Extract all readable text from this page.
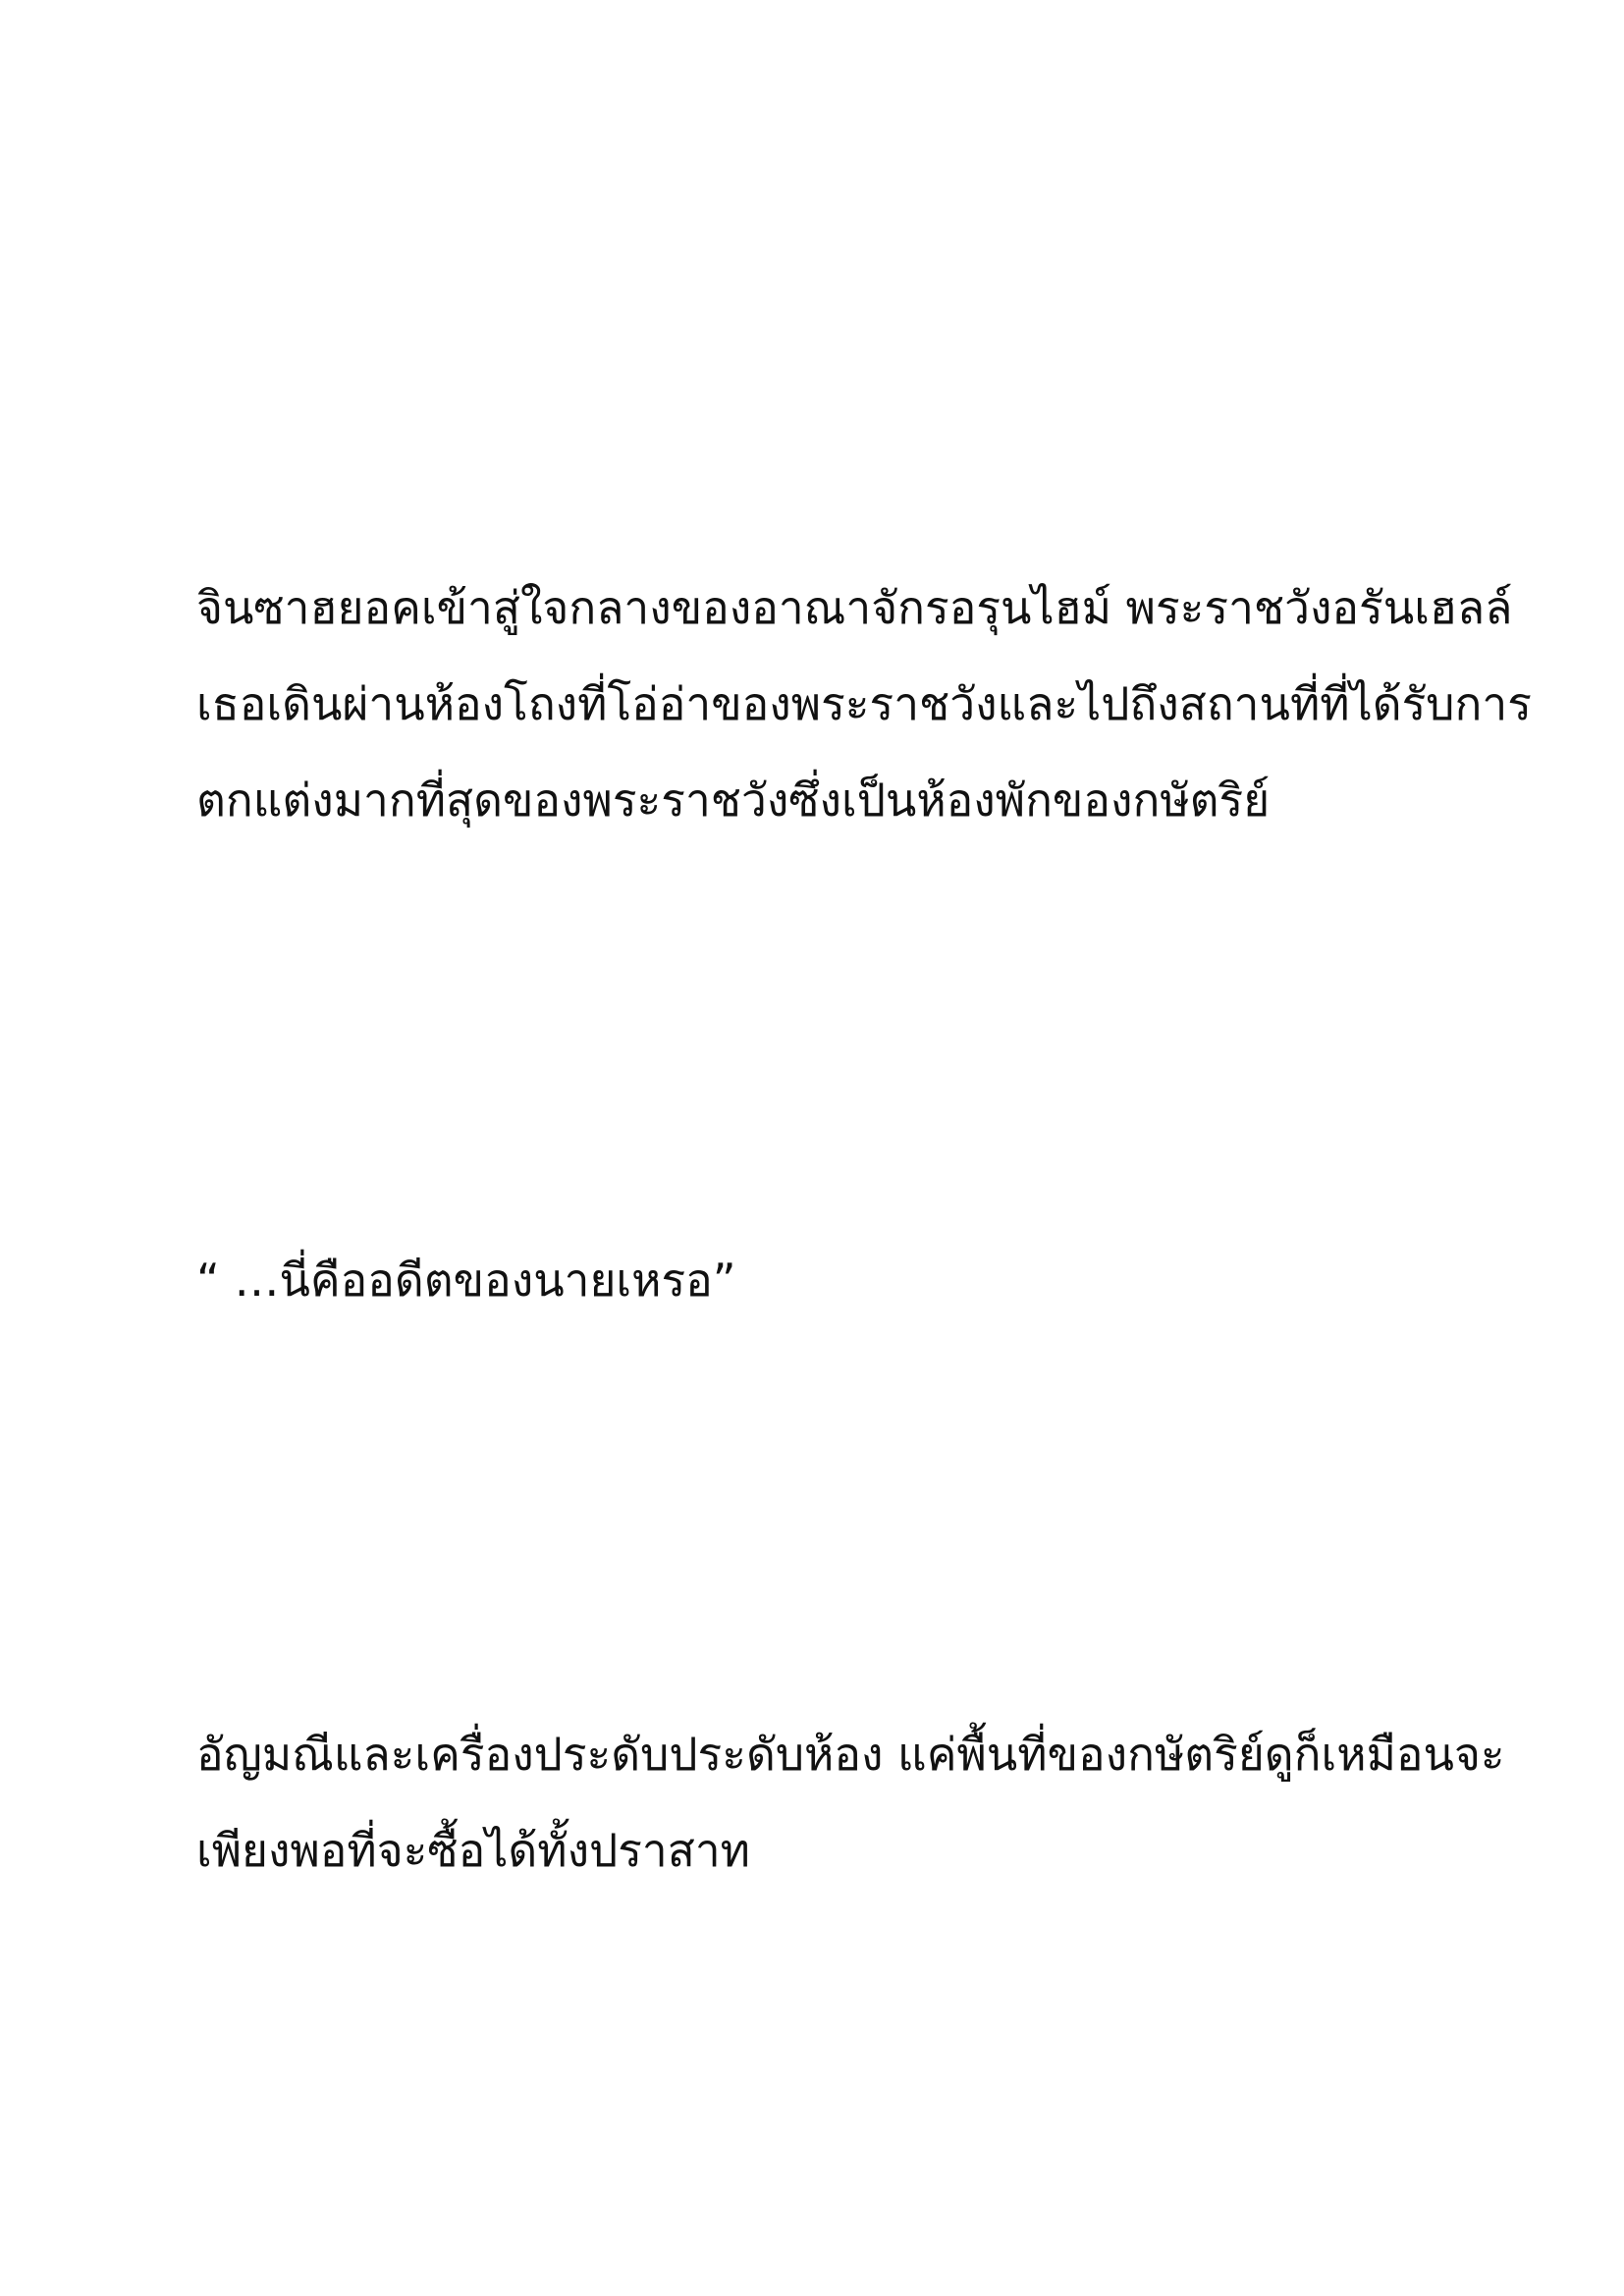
จินซาฮยอคเข้าสู่ใจกลางของอาณาจักรอรุนไฮม์ พระราชวังอรันเฮลล์
เธอเดินผ่านห้องโถงที่โอ่อ่าของพระราชวังและไปถึงสถานที่ที่ได้รับการ
ตกแต่งมากที่สุดของพระราชวังซึ่งเป็นห้องพักของกษัตริย์

“ …นี่คืออดีตของนายเหรอ”

อัญมณีและเครื่องประดับประดับห้อง แค่พื้นที่ของกษัตริย์ดูก็เหมือนจะ
เพียงพอที่จะซื้อได้ทั้งปราสาท
